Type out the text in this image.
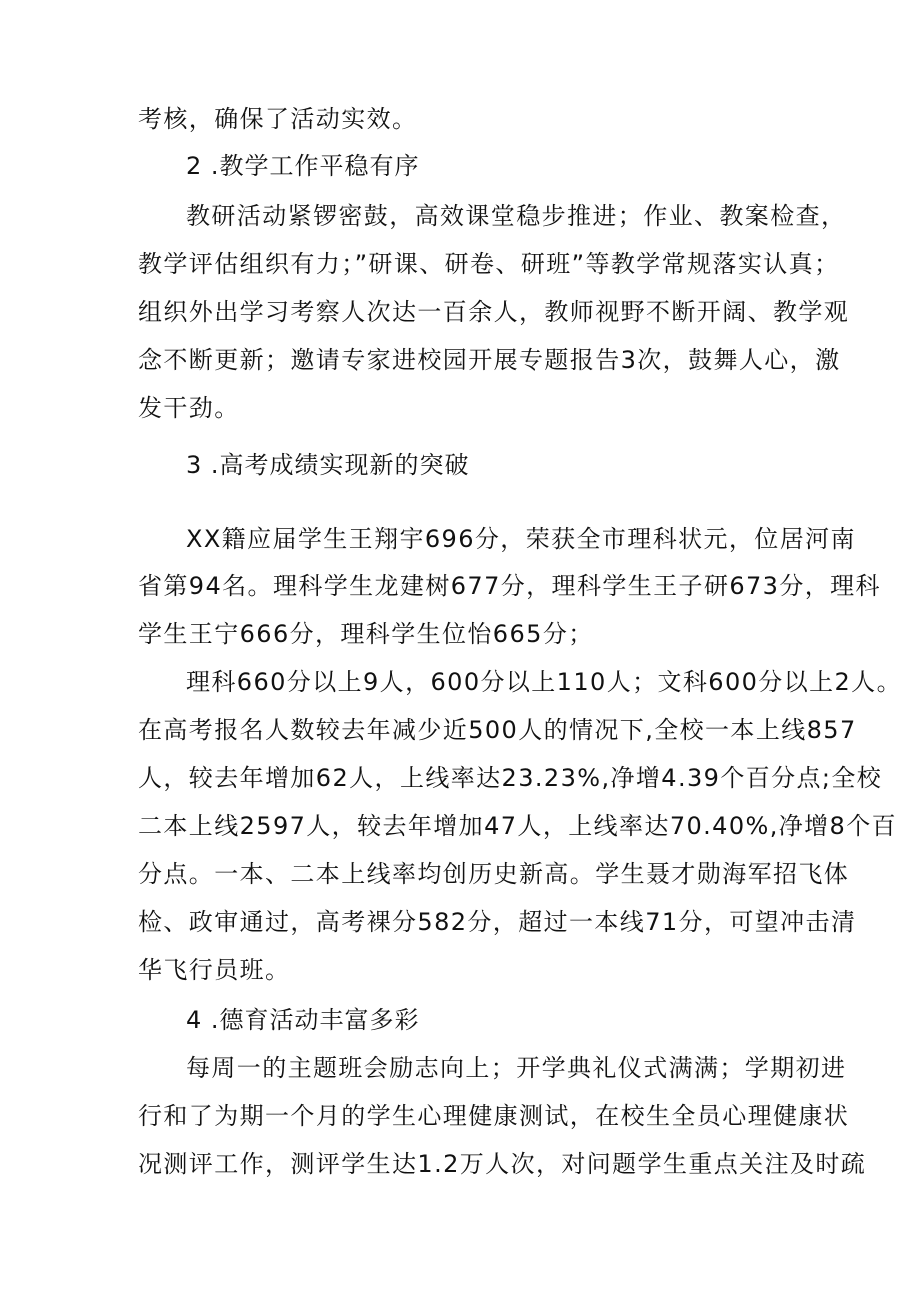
考核，确保了活动实效。
2 .教学工作平稳有序
教研活动紧锣密鼓，高效课堂稳步推进；作业、教案检查，
教学评估组织有力；”研课、研卷、研班”等教学常规落实认真；
组织外出学习考察人次达一百余人，教师视野不断开阔、教学观
念不断更新；邀请专家进校园开展专题报告3次，鼓舞人心，激
发干劲。
3 .高考成绩实现新的突破
XX籍应届学生王翔宇696分，荣获全市理科状元，位居河南
省第94名。理科学生龙建树677分，理科学生王子研673分，理科
学生王宁666分，理科学生位怡665分；
理科660分以上9人，600分以上110人；文科600分以上2人。
在高考报名人数较去年减少近500人的情况下,全校一本上线857
人，较去年增加62人，上线率达23.23%,净增4.39个百分点;全校
二本上线2597人，较去年增加47人，上线率达70.40%,净增8个百
分点。一本、二本上线率均创历史新高。学生聂才勋海军招飞体
检、政审通过，高考裸分582分，超过一本线71分，可望冲击清
华飞行员班。
4 .德育活动丰富多彩
每周一的主题班会励志向上；开学典礼仪式满满；学期初进
行和了为期一个月的学生心理健康测试，在校生全员心理健康状
况测评工作，测评学生达1.2万人次，对问题学生重点关注及时疏
